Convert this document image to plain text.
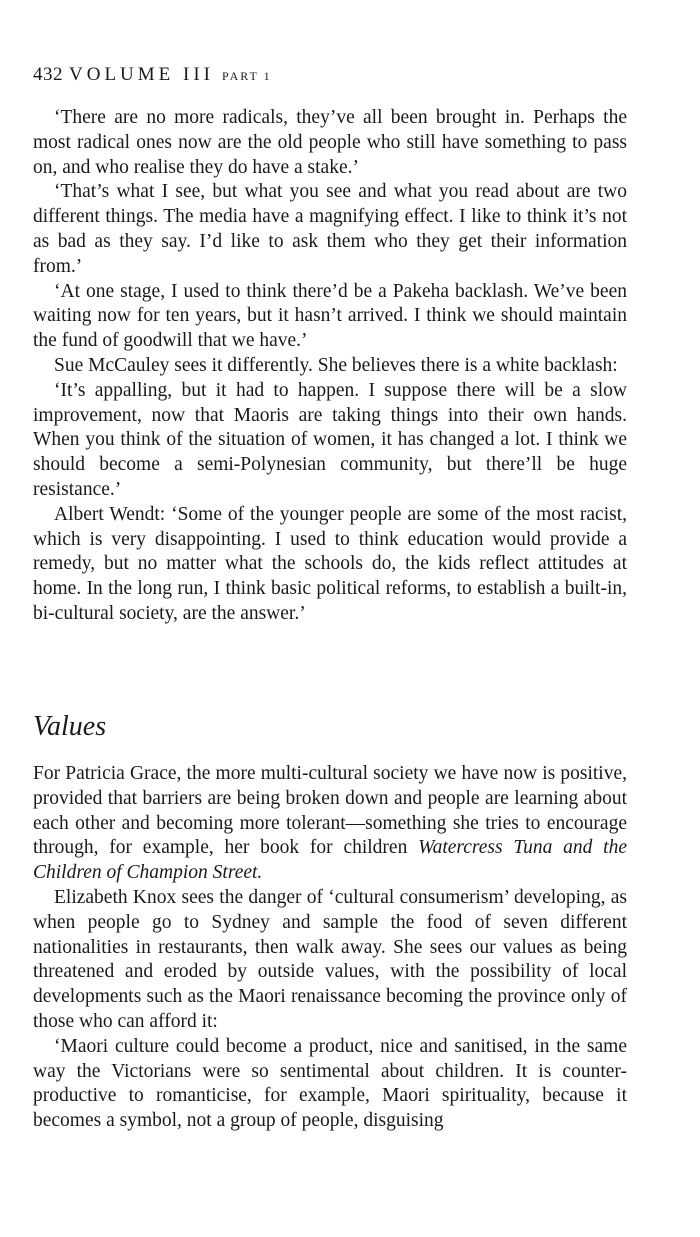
432 VOLUME III PART 1

‘There are no more radicals, they’ve all been brought in. Perhaps the most radical ones now are the old people who still have something to pass on, and who realise they do have a stake.’

‘That’s what I see, but what you see and what you read about are two different things. The media have a magnifying effect. I like to think it’s not as bad as they say. I’d like to ask them who they get their information from.’

‘At one stage, I used to think there’d be a Pakeha backlash. We’ve been waiting now for ten years, but it hasn’t arrived. I think we should maintain the fund of goodwill that we have.’

Sue McCauley sees it differently. She believes there is a white backlash:

‘It’s appalling, but it had to happen. I suppose there will be a slow improvement, now that Maoris are taking things into their own hands. When you think of the situation of women, it has changed a lot. I think we should become a semi-Polynesian community, but there’ll be huge resistance.’

Albert Wendt: ‘Some of the younger people are some of the most racist, which is very disappointing. I used to think education would provide a remedy, but no matter what the schools do, the kids reflect attitudes at home. In the long run, I think basic political reforms, to establish a built-in, bi-cultural society, are the answer.’

Values

For Patricia Grace, the more multi-cultural society we have now is positive, provided that barriers are being broken down and people are learning about each other and becoming more tolerant—something she tries to encourage through, for example, her book for children Watercress Tuna and the Children of Champion Street.

Elizabeth Knox sees the danger of ‘cultural consumerism’ developing, as when people go to Sydney and sample the food of seven different nationalities in restaurants, then walk away. She sees our values as being threatened and eroded by outside values, with the possibility of local developments such as the Maori renaissance becoming the province only of those who can afford it:

‘Maori culture could become a product, nice and sanitised, in the same way the Victorians were so sentimental about children. It is counter-productive to romanticise, for example, Maori spirituality, because it becomes a symbol, not a group of people, disguising
